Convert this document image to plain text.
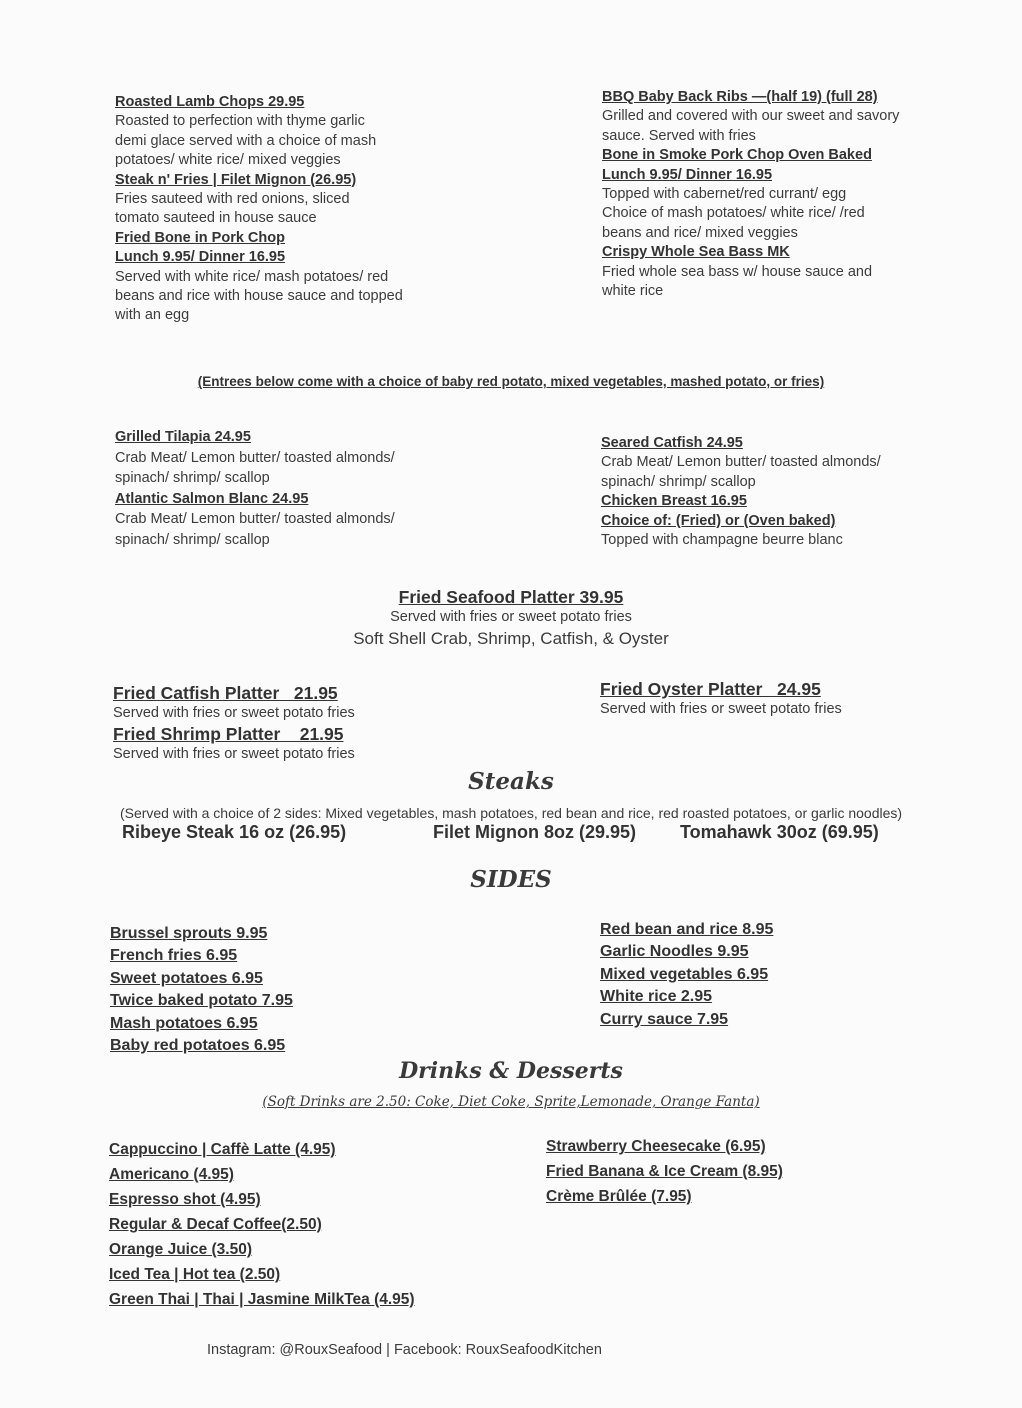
Roasted Lamb Chops 29.95
Roasted to perfection with thyme garlic
demi glace served with a choice of mash
potatoes/ white rice/ mixed veggies
Steak n' Fries | Filet Mignon (26.95)
Fries sauteed with red onions, sliced
tomato sauteed in house sauce
Fried Bone in Pork Chop
Lunch 9.95/ Dinner 16.95
Served with white rice/ mash potatoes/ red
beans and rice with house sauce and topped
with an egg
BBQ Baby Back Ribs —(half 19) (full 28)
Grilled and covered with our sweet and savory
sauce. Served with fries
Bone in Smoke Pork Chop Oven Baked
Lunch 9.95/ Dinner 16.95
Topped with cabernet/red currant/ egg
Choice of mash potatoes/ white rice/ /red
beans and rice/ mixed veggies
Crispy Whole Sea Bass MK
Fried whole sea bass w/ house sauce and
white rice
(Entrees below come with a choice of baby red potato, mixed vegetables, mashed potato, or fries)
Grilled Tilapia 24.95
Crab Meat/ Lemon butter/ toasted almonds/
spinach/ shrimp/ scallop
Atlantic Salmon Blanc 24.95
Crab Meat/ Lemon butter/ toasted almonds/
spinach/ shrimp/ scallop
Seared Catfish 24.95
Crab Meat/ Lemon butter/ toasted almonds/
spinach/ shrimp/ scallop
Chicken Breast 16.95
Choice of: (Fried) or (Oven baked)
Topped with champagne beurre blanc
Fried Seafood Platter 39.95
Served with fries or sweet potato fries
Soft Shell Crab, Shrimp, Catfish, & Oyster
Fried Catfish Platter   21.95
Served with fries or sweet potato fries
Fried Shrimp Platter    21.95
Served with fries or sweet potato fries
Fried Oyster Platter   24.95
Served with fries or sweet potato fries
Steaks
(Served with a choice of 2 sides: Mixed vegetables, mash potatoes, red bean and rice, red roasted potatoes, or garlic noodles)
Ribeye Steak 16 oz (26.95)	Filet Mignon 8oz (29.95) Tomahawk 30oz (69.95)
SIDES
Brussel sprouts 9.95
French fries 6.95
Sweet potatoes 6.95
Twice baked potato 7.95
Mash potatoes 6.95
Baby red potatoes 6.95
Red bean and rice 8.95
Garlic Noodles 9.95
Mixed vegetables 6.95
White rice 2.95
Curry sauce 7.95
Drinks & Desserts
(Soft Drinks are 2.50: Coke, Diet Coke, Sprite,Lemonade, Orange Fanta)
Cappuccino | Caffè Latte (4.95)
Americano (4.95)
Espresso shot (4.95)
Regular & Decaf Coffee(2.50)
Orange Juice (3.50)
Iced Tea | Hot tea (2.50)
Green Thai | Thai | Jasmine MilkTea (4.95)
Strawberry Cheesecake (6.95)
Fried Banana & Ice Cream (8.95)
Crème Brûlée (7.95)
Instagram: @RouxSeafood | Facebook: RouxSeafoodKitchen
